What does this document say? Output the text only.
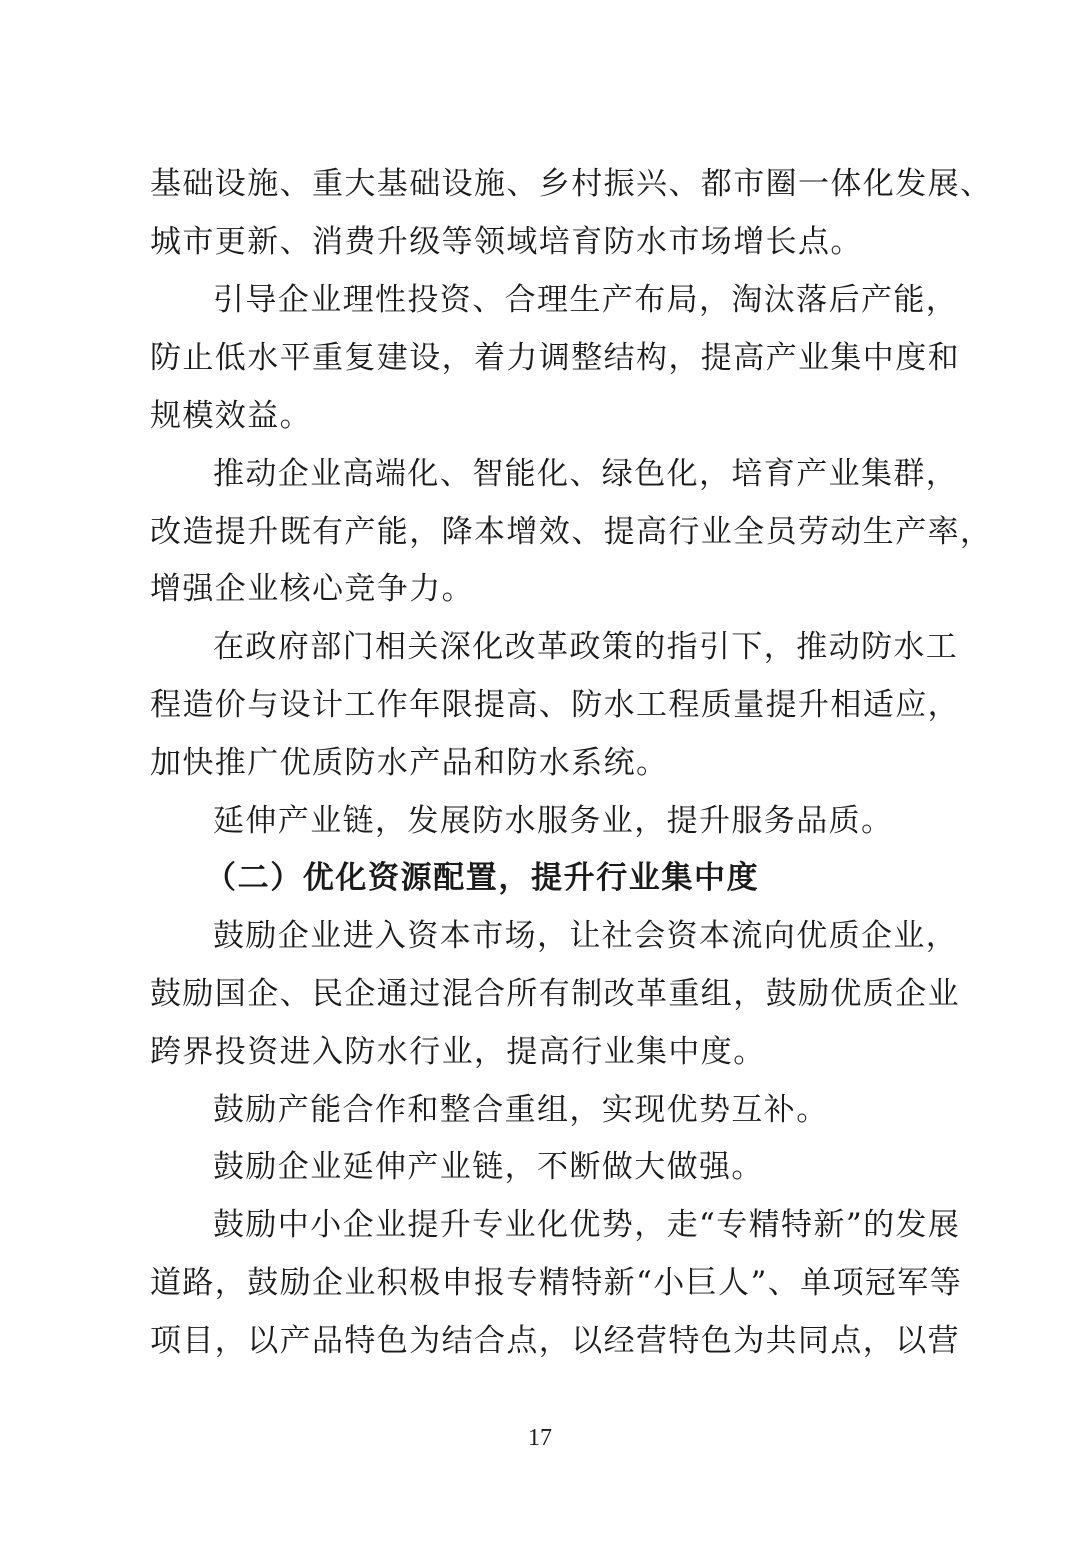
基础设施、重大基础设施、乡村振兴、都市圈一体化发展、
城市更新、消费升级等领域培育防水市场增长点。
引导企业理性投资、合理生产布局，淘汰落后产能，
防止低水平重复建设，着力调整结构，提高产业集中度和
规模效益。
推动企业高端化、智能化、绿色化，培育产业集群，
改造提升既有产能，降本增效、提高行业全员劳动生产率，
增强企业核心竞争力。
在政府部门相关深化改革政策的指引下，推动防水工
程造价与设计工作年限提高、防水工程质量提升相适应，
加快推广优质防水产品和防水系统。
延伸产业链，发展防水服务业，提升服务品质。
（二）优化资源配置，提升行业集中度
鼓励企业进入资本市场，让社会资本流向优质企业，
鼓励国企、民企通过混合所有制改革重组，鼓励优质企业
跨界投资进入防水行业，提高行业集中度。
鼓励产能合作和整合重组，实现优势互补。
鼓励企业延伸产业链，不断做大做强。
鼓励中小企业提升专业化优势，走“专精特新”的发展
道路，鼓励企业积极申报专精特新“小巨人”、单项冠军等
项目，以产品特色为结合点，以经营特色为共同点，以营
17
